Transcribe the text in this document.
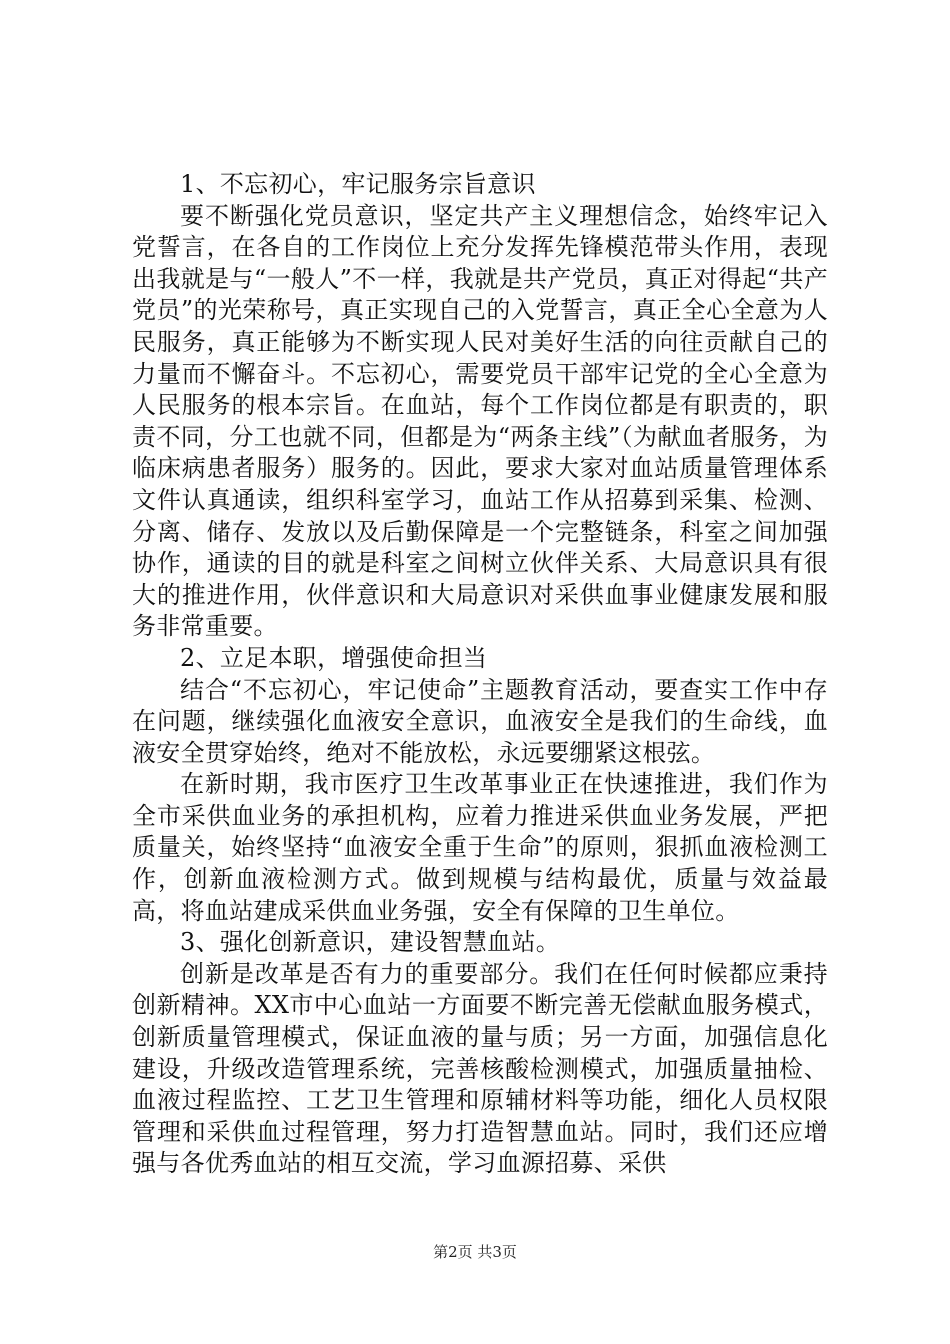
1、不忘初心，牢记服务宗旨意识

要不断强化党员意识，坚定共产主义理想信念，始终牢记入党誓言，在各自的工作岗位上充分发挥先锋模范带头作用，表现出我就是与“一般人”不一样，我就是共产党员，真正对得起“共产党员”的光荣称号，真正实现自己的入党誓言，真正全心全意为人民服务，真正能够为不断实现人民对美好生活的向往贡献自己的力量而不懈奋斗。不忘初心，需要党员干部牢记党的全心全意为人民服务的根本宗旨。在血站，每个工作岗位都是有职责的，职责不同，分工也就不同，但都是为“两条主线”（为献血者服务，为临床病患者服务）服务的。因此，要求大家对血站质量管理体系文件认真通读，组织科室学习，血站工作从招募到采集、检测、分离、储存、发放以及后勤保障是一个完整链条，科室之间加强协作，通读的目的就是科室之间树立伙伴关系、大局意识具有很大的推进作用，伙伴意识和大局意识对采供血事业健康发展和服务非常重要。

2、立足本职，增强使命担当

结合“不忘初心，牢记使命”主题教育活动，要查实工作中存在问题，继续强化血液安全意识，血液安全是我们的生命线，血液安全贯穿始终，绝对不能放松，永远要绷紧这根弦。

在新时期，我市医疗卫生改革事业正在快速推进，我们作为全市采供血业务的承担机构，应着力推进采供血业务发展，严把质量关，始终坚持“血液安全重于生命”的原则，狠抓血液检测工作，创新血液检测方式。做到规模与结构最优，质量与效益最高，将血站建成采供血业务强，安全有保障的卫生单位。

3、强化创新意识，建设智慧血站。

创新是改革是否有力的重要部分。我们在任何时候都应秉持创新精神。XX市中心血站一方面要不断完善无偿献血服务模式，创新质量管理模式，保证血液的量与质；另一方面，加强信息化建设，升级改造管理系统，完善核酸检测模式，加强质量抽检、血液过程监控、工艺卫生管理和原辅材料等功能，细化人员权限管理和采供血过程管理，努力打造智慧血站。同时，我们还应增强与各优秀血站的相互交流，学习血源招募、采供

第2页 共3页
